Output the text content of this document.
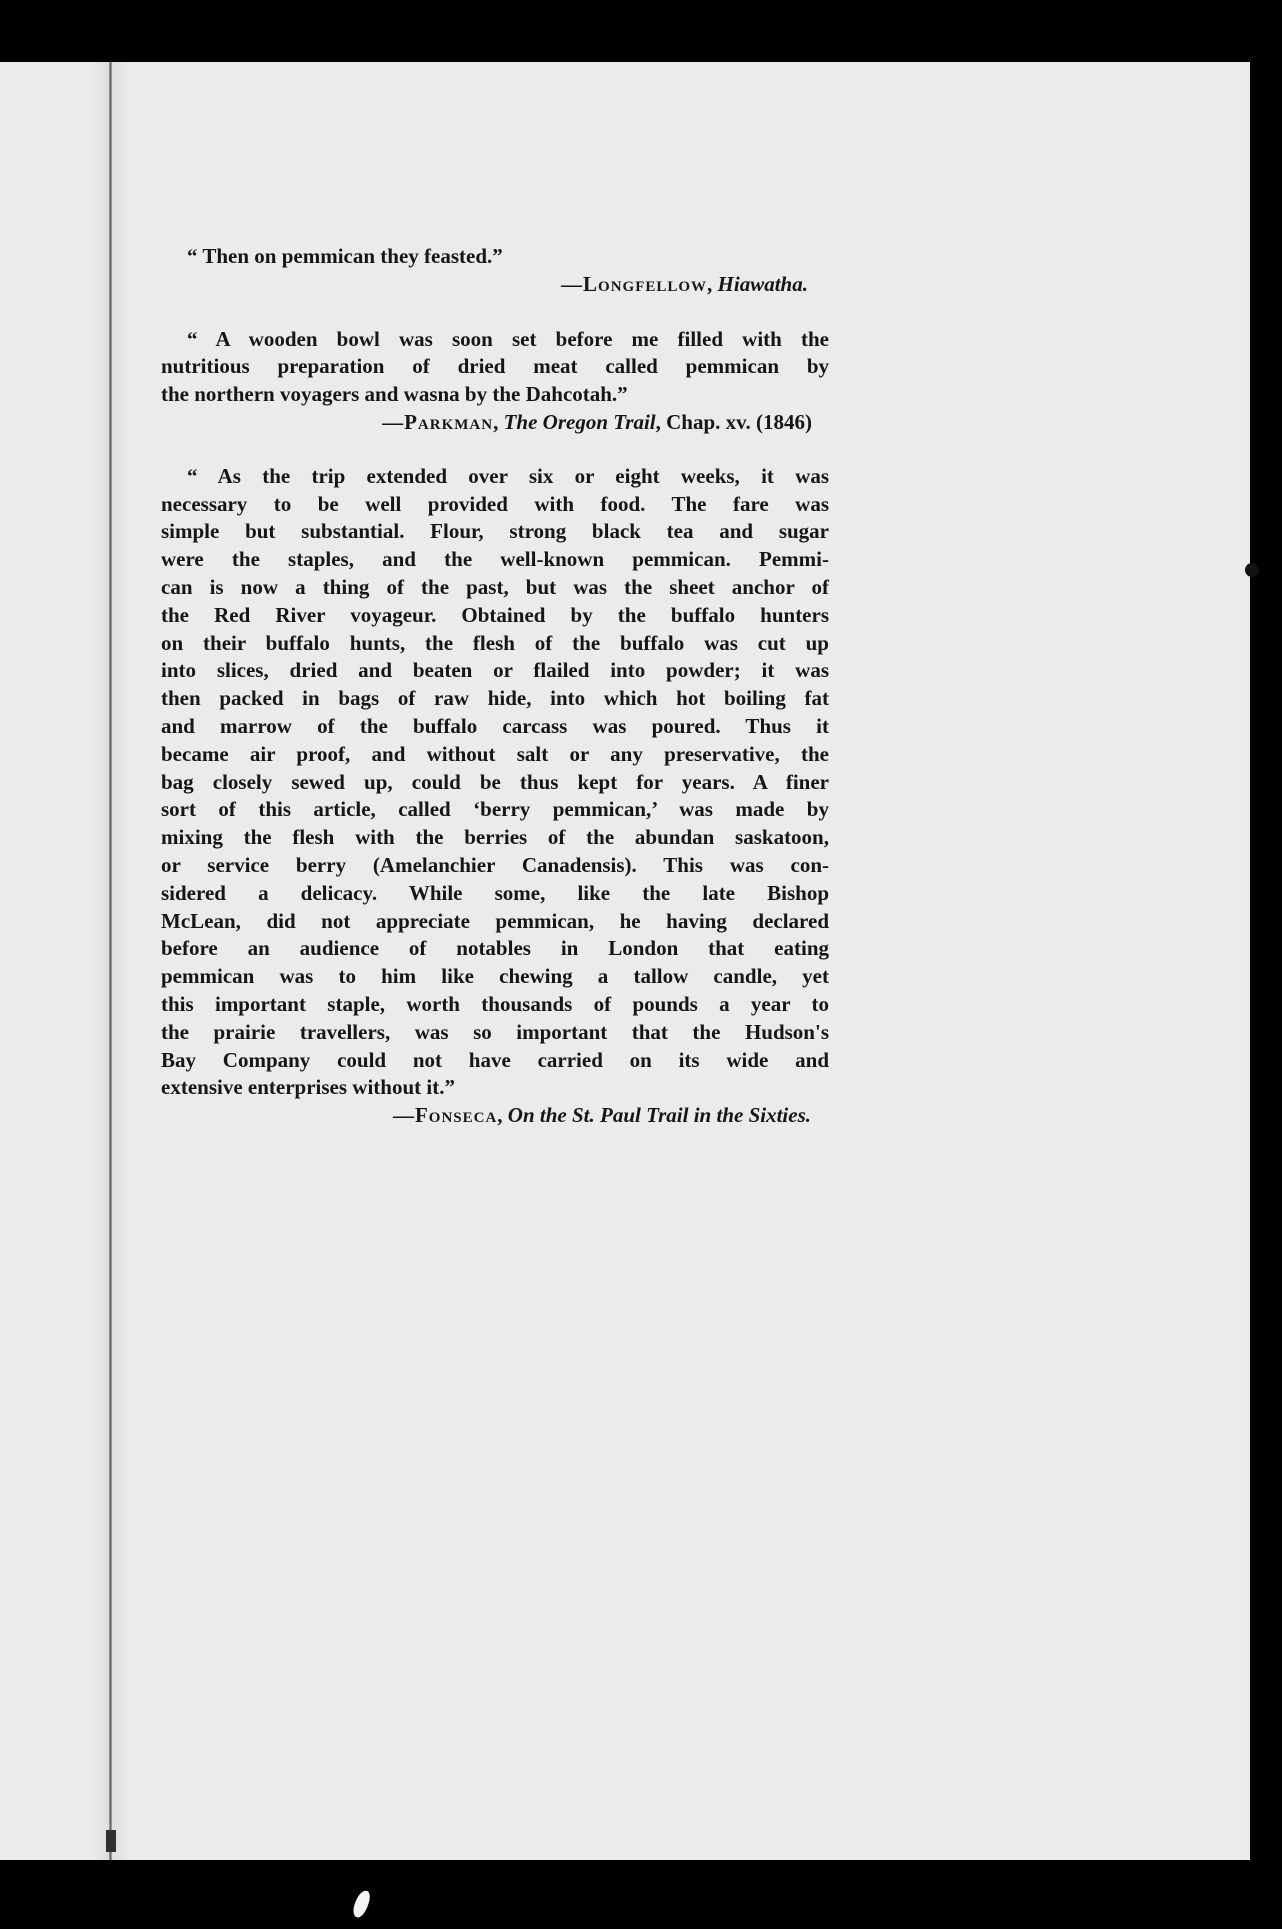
“ Then on pemmican they feasted.”

—Longfellow, Hiawatha.

“ A wooden bowl was soon set before me filled with the
nutritious preparation of dried meat called pemmican by
the northern voyagers and wasna by the Dahcotah.”

—Parkman, The Oregon Trail, Chap. xv. (1846)

“ As the trip extended over six or eight weeks, it was
necessary to be well provided with food. The fare was
simple but substantial. Flour, strong black tea and sugar
were the staples, and the well-known pemmican. Pemmi-
can is now a thing of the past, but was the sheet anchor of
the Red River voyageur. Obtained by the buffalo hunters
on their buffalo hunts, the flesh of the buffalo was cut up
into slices, dried and beaten or flailed into powder; it was
then packed in bags of raw hide, into which hot boiling fat
and marrow of the buffalo carcass was poured. Thus it
became air proof, and without salt or any preservative, the
bag closely sewed up, could be thus kept for years. A finer
sort of this article, called ‘berry pemmican,’ was made by
mixing the flesh with the berries of the abundan saskatoon,
or service berry (Amelanchier Canadensis). This was con-
sidered a delicacy. While some, like the late Bishop
McLean, did not appreciate pemmican, he having declared
before an audience of notables in London that eating
pemmican was to him like chewing a tallow candle, yet
this important staple, worth thousands of pounds a year to
the prairie travellers, was so important that the Hudson's
Bay Company could not have carried on its wide and
extensive enterprises without it.”

—Fonseca, On the St. Paul Trail in the Sixties.
